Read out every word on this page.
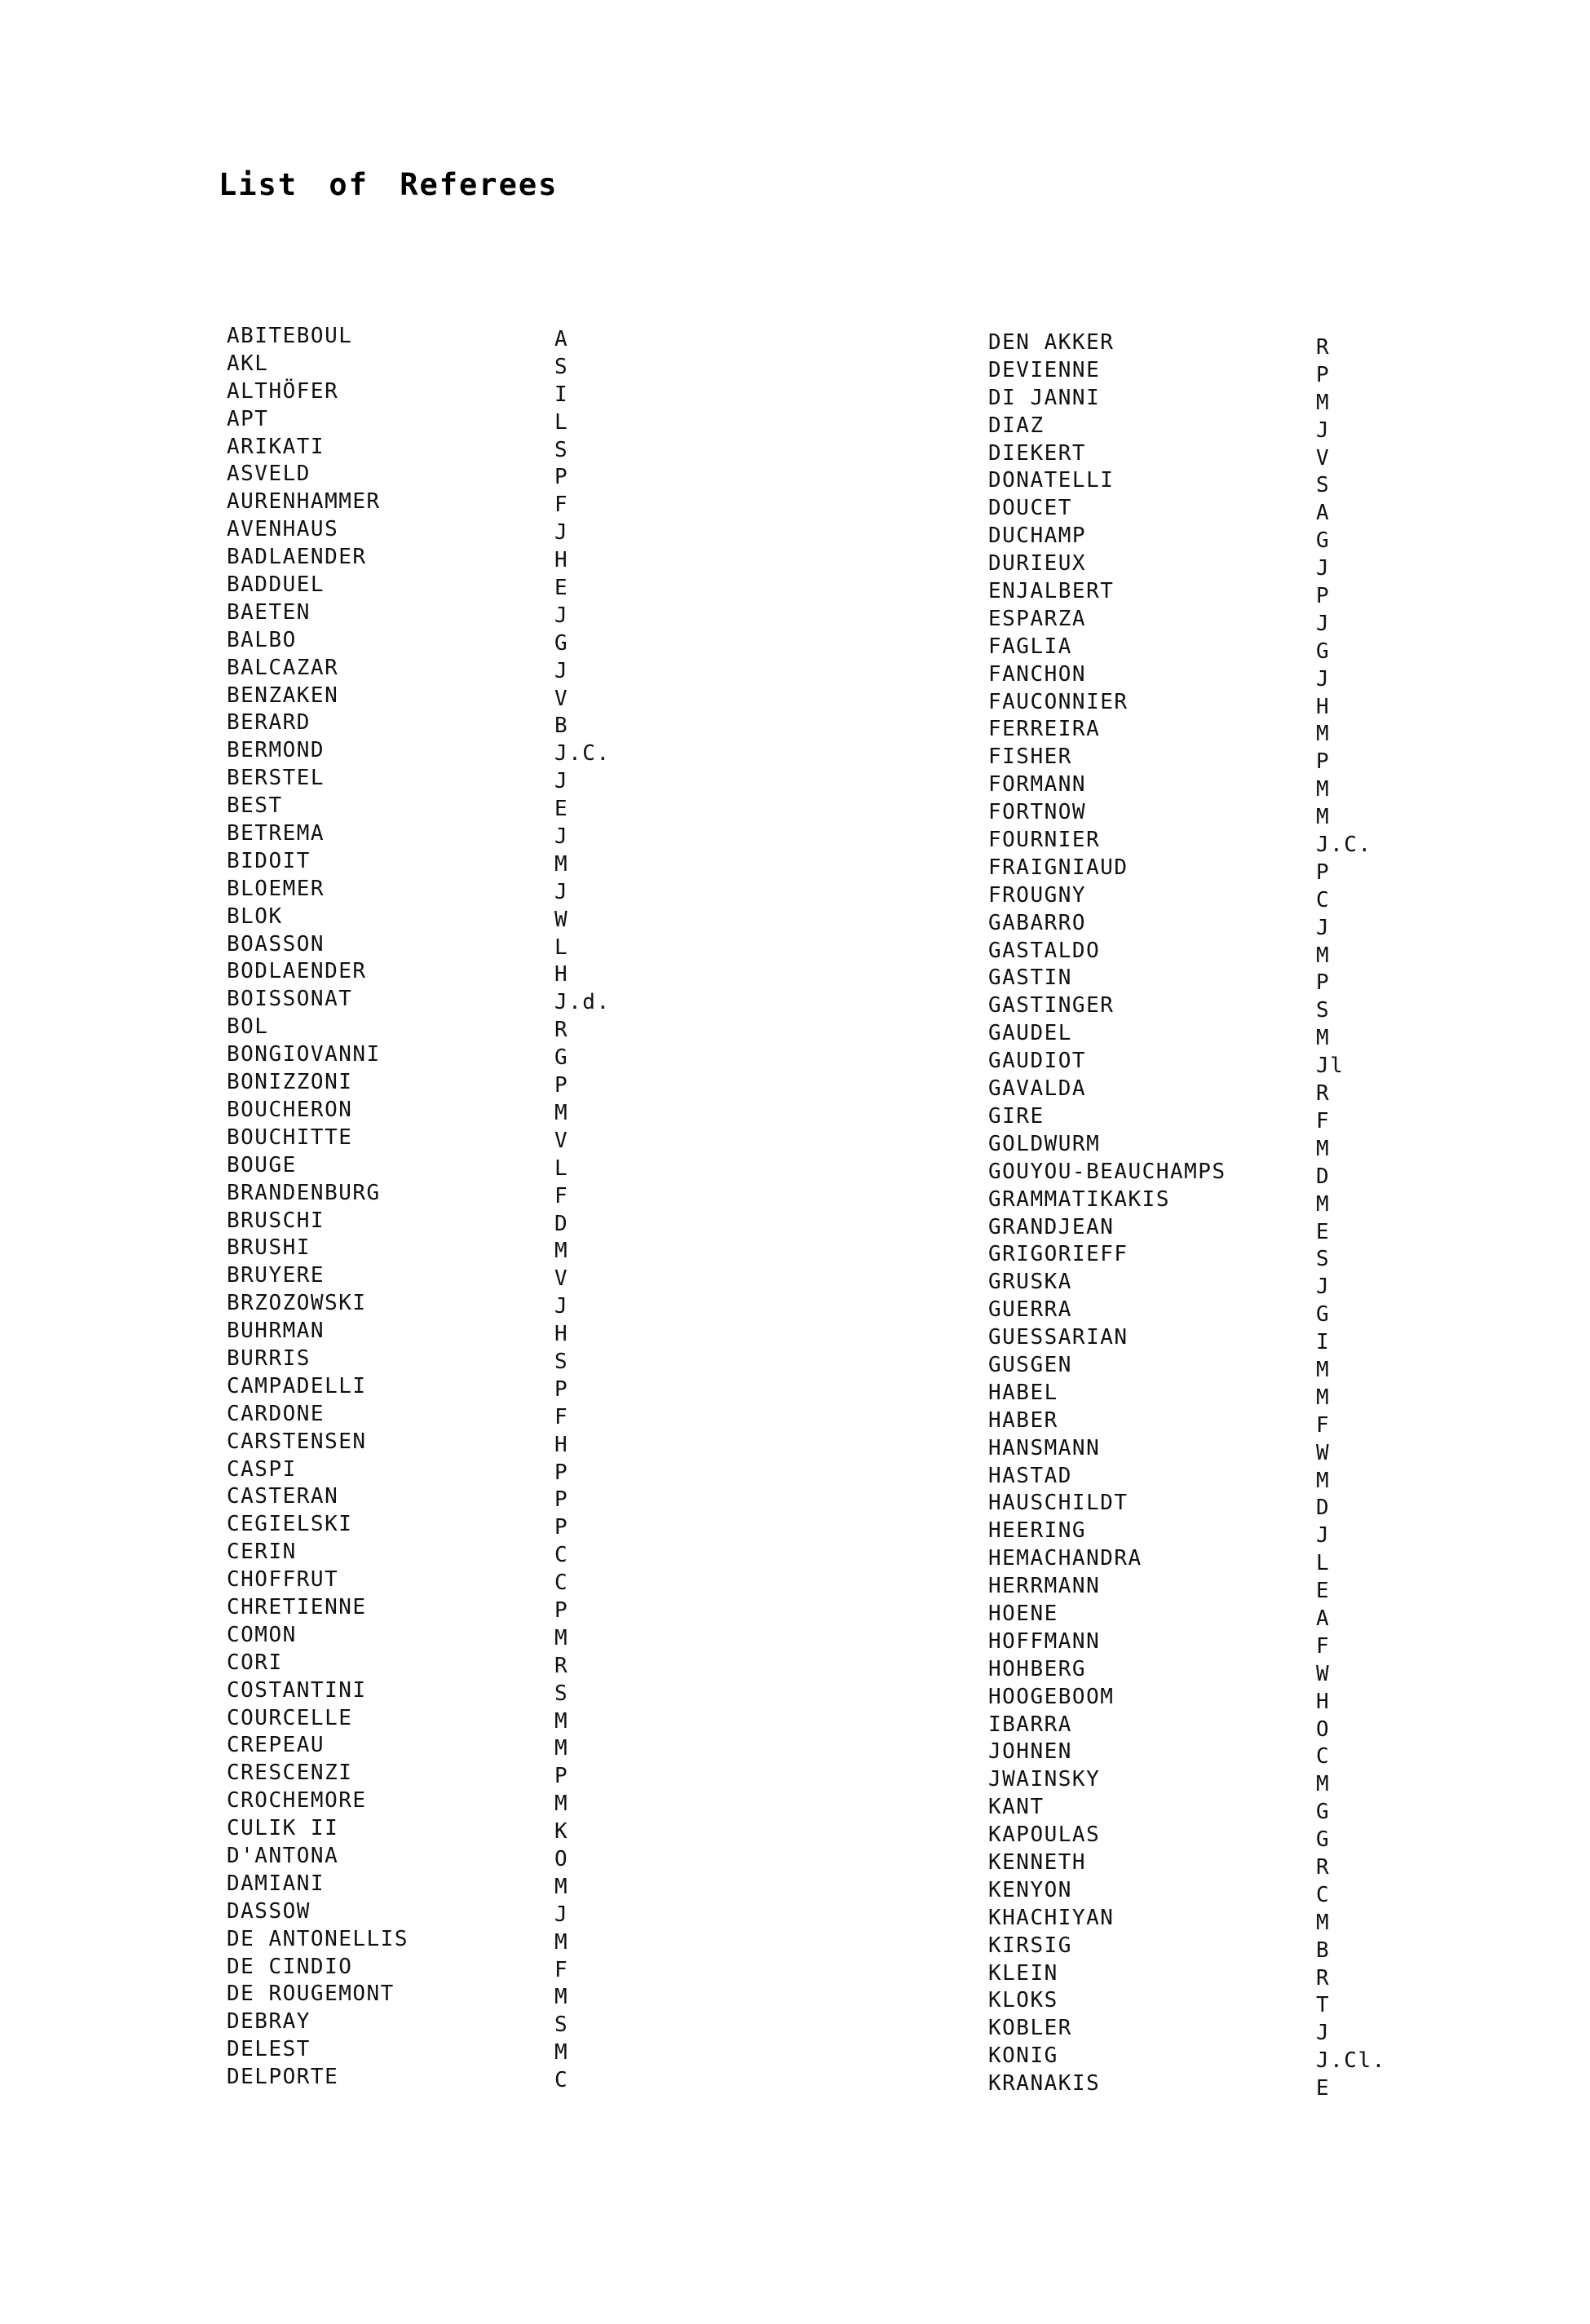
List of Referees
ABITEBOUL	A
AKL	S
ALTHÖFER	I
APT	L
ARIKATI	S
ASVELD	P
AURENHAMMER	F
AVENHAUS	J
BADLAENDER	H
BADDUEL	E
BAETEN	J
BALBO	G
BALCAZAR	J
BENZAKEN	V
BERARD	B
BERMOND	J.C.
BERSTEL	J
BEST	E
BETREMA	J
BIDOIT	M
BLOEMER	J
BLOK	W
BOASSON	L
BODLAENDER	H
BOISSONAT	J.d.
BOL	R
BONGIOVANNI	G
BONIZZONI	P
BOUCHERON	M
BOUCHITTE	V
BOUGE	L
BRANDENBURG	F
BRUSCHI	D
BRUSHI	M
BRUYERE	V
BRZOZOWSKI	J
BUHRMAN	H
BURRIS	S
CAMPADELLI	P
CARDONE	F
CARSTENSEN	H
CASPI	P
CASTERAN	P
CEGIELSKI	P
CERIN	C
CHOFFRUT	C
CHRETIENNE	P
COMON	M
CORI	R
COSTANTINI	S
COURCELLE	M
CREPEAU	M
CRESCENZI	P
CROCHEMORE	M
CULIK II	K
D'ANTONA	O
DAMIANI	M
DASSOW	J
DE ANTONELLIS	M
DE CINDIO	F
DE ROUGEMONT	M
DEBRAY	S
DELEST	M
DELPORTE	C
DEN AKKER	R
DEVIENNE	P
DI JANNI	M
DIAZ	J
DIEKERT	V
DONATELLI	S
DOUCET	A
DUCHAMP	G
DURIEUX	J
ENJALBERT	P
ESPARZA	J
FAGLIA	G
FANCHON	J
FAUCONNIER	H
FERREIRA	M
FISHER	P
FORMANN	M
FORTNOW	M
FOURNIER	J.C.
FRAIGNIAUD	P
FROUGNY	C
GABARRO	J
GASTALDO	M
GASTIN	P
GASTINGER	S
GAUDEL	M
GAUDIOT	Jl
GAVALDA	R
GIRE	F
GOLDWURM	M
GOUYOU-BEAUCHAMPS	D
GRAMMATIKAKIS	M
GRANDJEAN	E
GRIGORIEFF	S
GRUSKA	J
GUERRA	G
GUESSARIAN	I
GUSGEN	M
HABEL	M
HABER	F
HANSMANN	W
HASTAD	M
HAUSCHILDT	D
HEERING	J
HEMACHANDRA	L
HERRMANN	E
HOENE	A
HOFFMANN	F
HOHBERG	W
HOOGEBOOM	H
IBARRA	O
JOHNEN	C
JWAINSKY	M
KANT	G
KAPOULAS	G
KENNETH	R
KENYON	C
KHACHIYAN	M
KIRSIG	B
KLEIN	R
KLOKS	T
KOBLER	J
KONIG	J.Cl.
KRANAKIS	E
